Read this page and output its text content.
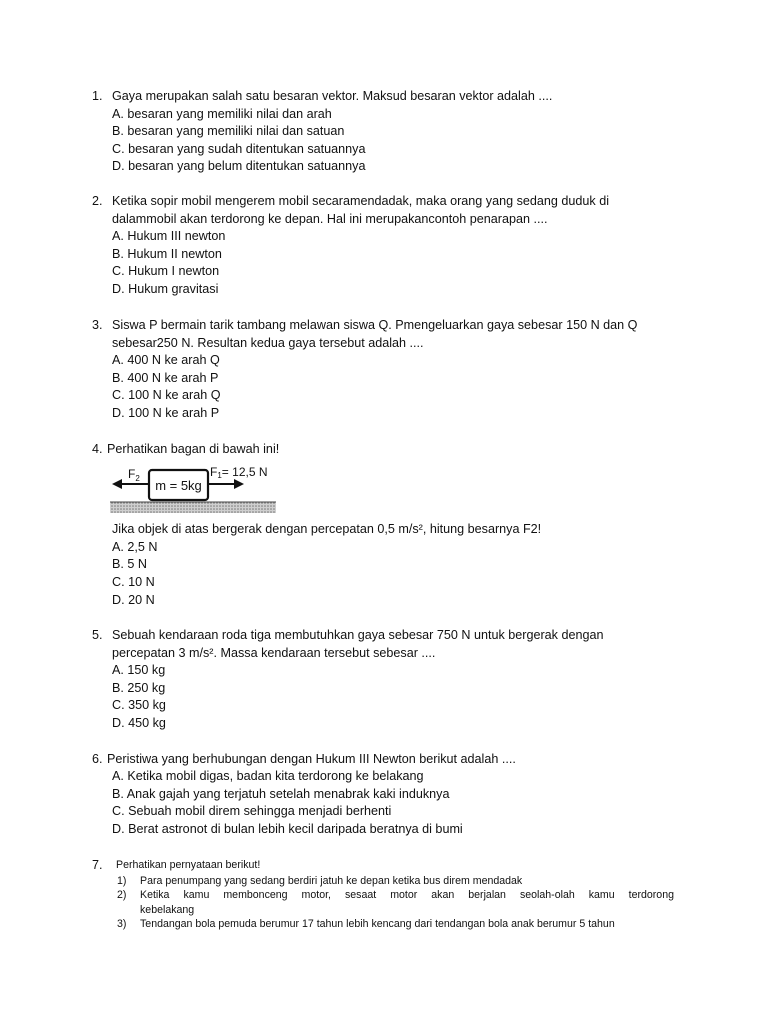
1. Gaya merupakan salah satu besaran vektor. Maksud besaran vektor adalah ....
A. besaran yang memiliki nilai dan arah
B. besaran yang memiliki nilai dan satuan
C. besaran yang sudah ditentukan satuannya
D. besaran yang belum ditentukan satuannya
2. Ketika sopir mobil mengerem mobil secaramendadak, maka orang yang sedang duduk di
dalammobil akan terdorong ke depan. Hal ini merupakancontoh penarapan ....
A. Hukum III newton
B. Hukum II newton
C. Hukum I newton
D. Hukum gravitasi
3. Siswa P bermain tarik tambang melawan siswa Q. Pmengeluarkan gaya sebesar 150 N dan Q
sebesar250 N. Resultan kedua gaya tersebut adalah ....
A. 400 N ke arah Q
B. 400 N ke arah P
C. 100 N ke arah Q
D. 100 N ke arah P
4. Perhatikan bagan di bawah ini!
m = 5kg
$F_2$	F1= 12,5 N
Jika objek di atas bergerak dengan percepatan 0,5 m/s², hitung besarnya F2!
A. 2,5 N
B. 5 N
C. 10 N
D. 20 N
5. Sebuah kendaraan roda tiga membutuhkan gaya sebesar 750 N untuk bergerak dengan
percepatan 3 m/s². Massa kendaraan tersebut sebesar ....
A. 150 kg
B. 250 kg
C. 350 kg
D. 450 kg
6. Peristiwa yang berhubungan dengan Hukum III Newton berikut adalah ....
A. Ketika mobil digas, badan kita terdorong ke belakang
B. Anak gajah yang terjatuh setelah menabrak kaki induknya
C. Sebuah mobil direm sehingga menjadi berhenti
D. Berat astronot di bulan lebih kecil daripada beratnya di bumi
7. Perhatikan pernyataan berikut!
1) Para penumpang yang sedang berdiri jatuh ke depan ketika bus direm mendadak
2) Ketika kamu membonceng motor, sesaat motor akan berjalan seolah-olah kamu terdorong
kebelakang
3) Tendangan bola pemuda berumur 17 tahun lebih kencang dari tendangan bola anak berumur 5 tahun
